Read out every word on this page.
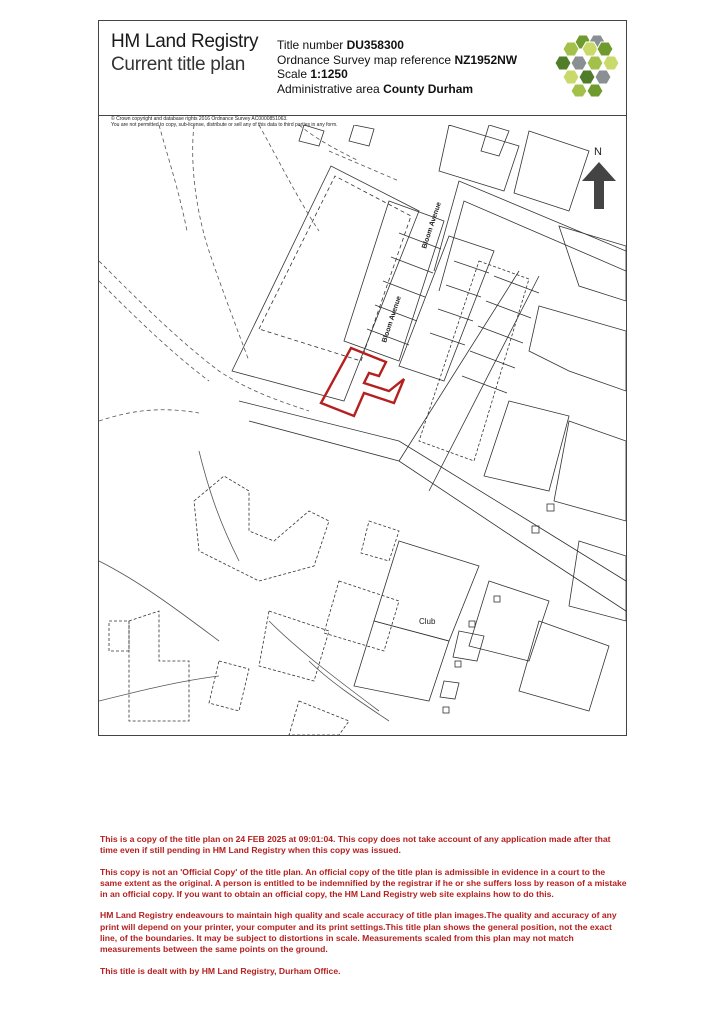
N
Bloom Avenue
Bloom Avenue
Club
HM Land Registry
Current title plan
Title number DU358300
Ordnance Survey map reference NZ1952NW
Scale 1:1250
Administrative area County Durham
© Crown copyright and database rights 2016 Ordnance Survey AC0000851063.
You are not permitted to copy, sub-license, distribute or sell any of this data to third parties in any form.

This is a copy of the title plan on 24 FEB 2025 at 09:01:04. This copy does not take account of any application made after that time even if still pending in HM Land Registry when this copy was issued.

This copy is not an 'Official Copy' of the title plan. An official copy of the title plan is admissible in evidence in a court to the same extent as the original. A person is entitled to be indemnified by the registrar if he or she suffers loss by reason of a mistake in an official copy. If you want to obtain an official copy, the HM Land Registry web site explains how to do this.

HM Land Registry endeavours to maintain high quality and scale accuracy of title plan images.The quality and accuracy of any print will depend on your printer, your computer and its print settings.This title plan shows the general position, not the exact line, of the boundaries. It may be subject to distortions in scale. Measurements scaled from this plan may not match measurements between the same points on the ground.

This title is dealt with by HM Land Registry, Durham Office.
